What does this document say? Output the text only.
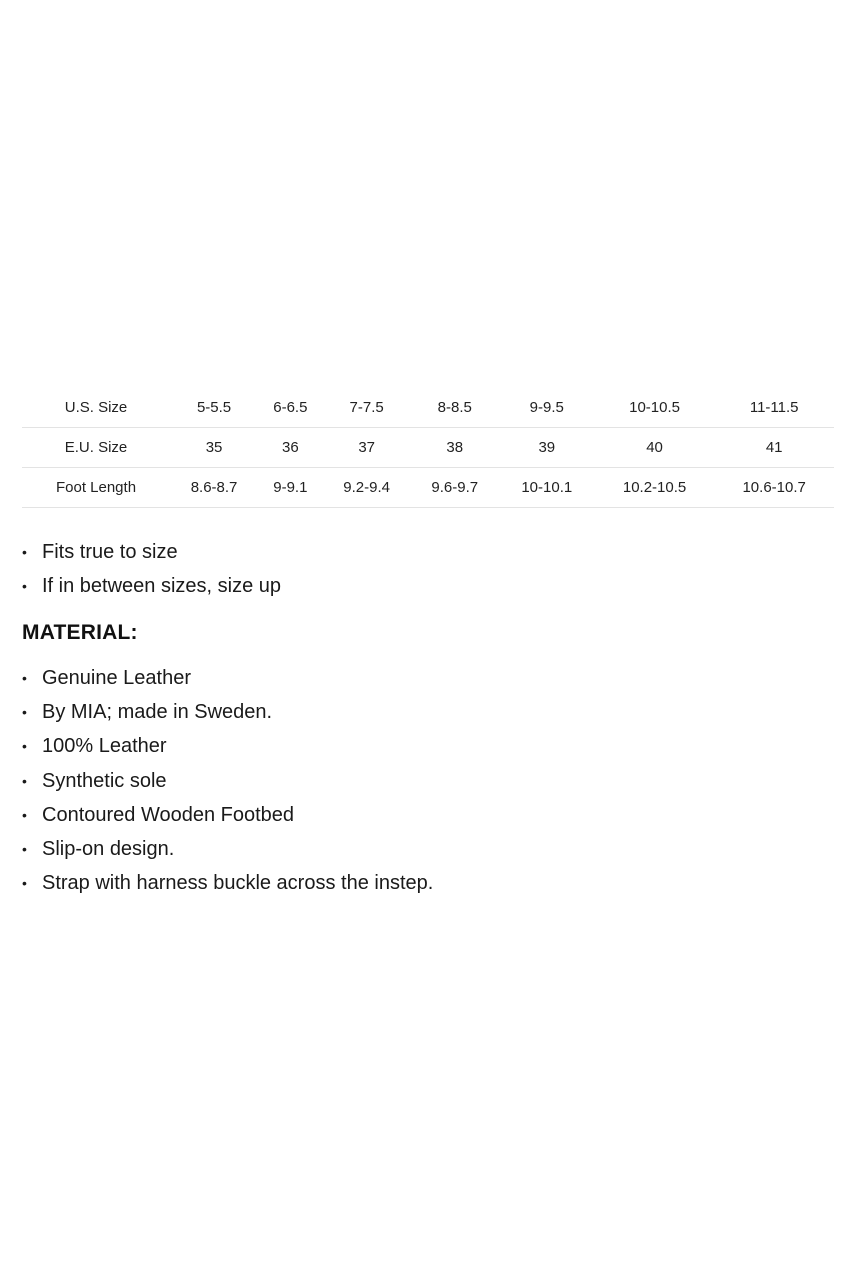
U.S. Size	5-5.5	6-6.5	7-7.5	8-8.5	9-9.5	10-10.5	11-11.5
E.U. Size	35	36	37	38	39	40	41
Foot Length	8.6-8.7	9-9.1	9.2-9.4	9.6-9.7	10-10.1	10.2-10.5	10.6-10.7
• Fits true to size
• If in between sizes, size up
MATERIAL:
• Genuine Leather
• By MIA; made in Sweden.
• 100% Leather
• Synthetic sole
• Contoured Wooden Footbed
• Slip-on design.
• Strap with harness buckle across the instep.
